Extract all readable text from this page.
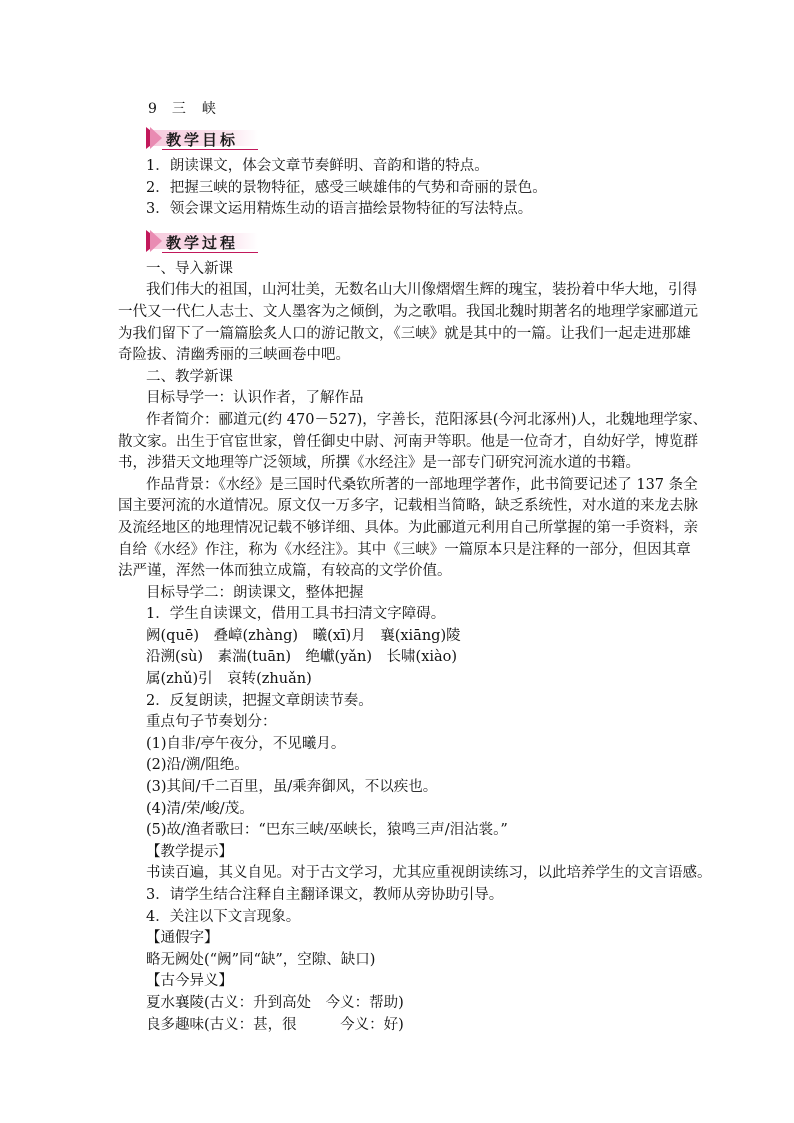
9 三　峡
教学目标
1．朗读课文，体会文章节奏鲜明、音韵和谐的特点。
2．把握三峡的景物特征，感受三峡雄伟的气势和奇丽的景色。
3．领会课文运用精炼生动的语言描绘景物特征的写法特点。
教学过程
一、导入新课
我们伟大的祖国，山河壮美，无数名山大川像熠熠生辉的瑰宝，装扮着中华大地，引得
一代又一代仁人志士、文人墨客为之倾倒，为之歌唱。我国北魏时期著名的地理学家郦道元
为我们留下了一篇篇脍炙人口的游记散文，《三峡》就是其中的一篇。让我们一起走进那雄
奇险拔、清幽秀丽的三峡画卷中吧。
二、教学新课
目标导学一：认识作者，了解作品
作者简介：郦道元(约 470－527)，字善长，范阳涿县(今河北涿州)人，北魏地理学家、
散文家。出生于官宦世家，曾任御史中尉、河南尹等职。他是一位奇才，自幼好学，博览群
书，涉猎天文地理等广泛领域，所撰《水经注》是一部专门研究河流水道的书籍。
作品背景：《水经》是三国时代桑钦所著的一部地理学著作，此书简要记述了 137 条全
国主要河流的水道情况。原文仅一万多字，记载相当简略，缺乏系统性，对水道的来龙去脉
及流经地区的地理情况记载不够详细、具体。为此郦道元利用自己所掌握的第一手资料，亲
自给《水经》作注，称为《水经注》。其中《三峡》一篇原本只是注释的一部分，但因其章
法严谨，浑然一体而独立成篇，有较高的文学价值。
目标导学二：朗读课文，整体把握
1．学生自读课文，借用工具书扫清文字障碍。
阙(quē)　叠嶂(zhàng)　曦(xī)月　襄(xiāng)陵
沿溯(sù)　素湍(tuān)　绝巘(yǎn)　长啸(xiào)
属(zhǔ)引　哀转(zhuǎn)
2．反复朗读，把握文章朗读节奏。
重点句子节奏划分：
(1)自非/亭午夜分，不见曦月。
(2)沿/溯/阻绝。
(3)其间/千二百里，虽/乘奔御风，不以疾也。
(4)清/荣/峻/茂。
(5)故/渔者歌曰：“巴东三峡/巫峡长，猿鸣三声/泪沾裳。”
【教学提示】
书读百遍，其义自见。对于古文学习，尤其应重视朗读练习，以此培养学生的文言语感。
3．请学生结合注释自主翻译课文，教师从旁协助引导。
4．关注以下文言现象。
【通假字】
略无阙处(“阙”同“缺”，空隙、缺口)
【古今异义】
夏水襄陵(古义：升到高处　今义：帮助)
良多趣味(古义：甚，很　　　今义：好)
